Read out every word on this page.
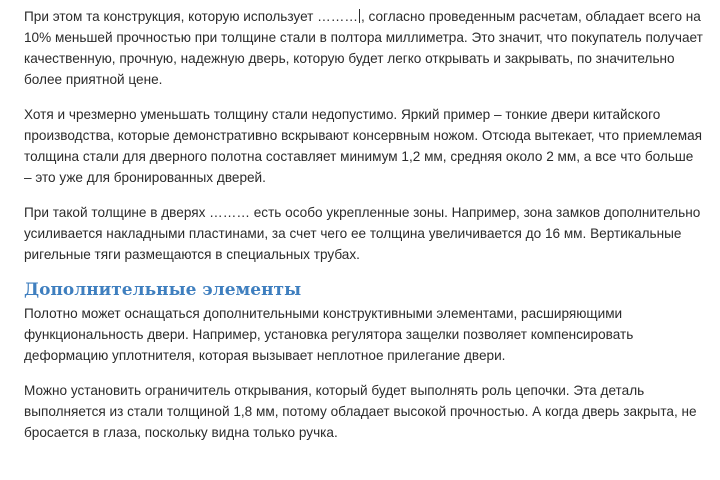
При этом та конструкция, которую использует ……… , согласно проведенным расчетам, обладает всего на 10% меньшей прочностью при толщине стали в полтора миллиметра. Это значит, что покупатель получает качественную, прочную, надежную дверь, которую будет легко открывать и закрывать, по значительно более приятной цене.

Хотя и чрезмерно уменьшать толщину стали недопустимо. Яркий пример – тонкие двери китайского производства, которые демонстративно вскрывают консервным ножом. Отсюда вытекает, что приемлемая толщина стали для дверного полотна составляет минимум 1,2 мм, средняя около 2 мм, а все что больше – это уже для бронированных дверей.

При такой толщине в дверях ……… есть особо укрепленные зоны. Например, зона замков дополнительно усиливается накладными пластинами, за счет чего ее толщина увеличивается до 16 мм. Вертикальные ригельные тяги размещаются в специальных трубах.

Дополнительные элементы

Полотно может оснащаться дополнительными конструктивными элементами, расширяющими функциональность двери. Например, установка регулятора защелки позволяет компенсировать деформацию уплотнителя, которая вызывает неплотное прилегание двери.

Можно установить ограничитель открывания, который будет выполнять роль цепочки. Эта деталь выполняется из стали толщиной 1,8 мм, потому обладает высокой прочностью. А когда дверь закрыта, не бросается в глаза, поскольку видна только ручка.
